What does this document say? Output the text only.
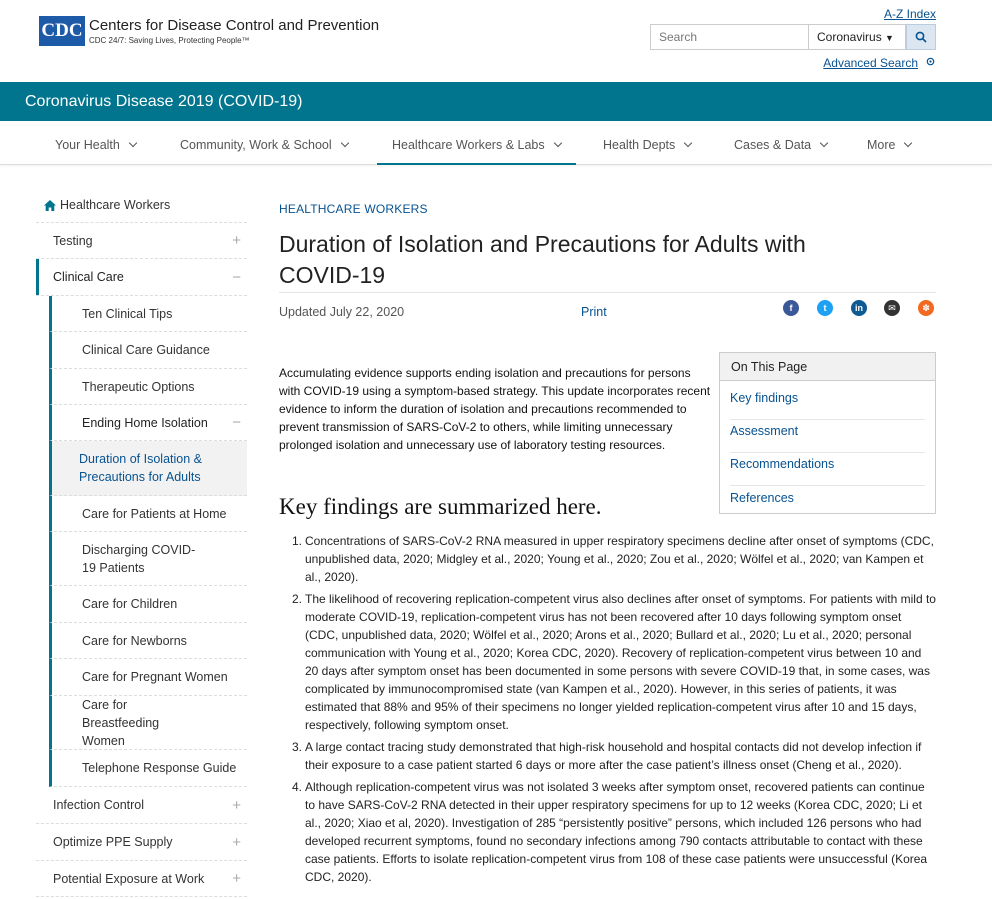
CDC Centers for Disease Control and Prevention
CDC 24/7: Saving Lives, Protecting People™
A-Z Index
Search	Coronavirus ▼
Advanced Search
Coronavirus Disease 2019 (COVID-19)
Your Health	Community, Work & School	Healthcare Workers & Labs	Health Depts	Cases & Data	More
Healthcare Workers
Testing	+
Clinical Care	−
Ten Clinical Tips
Clinical Care Guidance
Therapeutic Options
Ending Home Isolation −
Duration of Isolation & Precautions for Adults
Care for Patients at Home
Discharging COVID-19 Patients
Care for Children
Care for Newborns
Care for Pregnant Women
Care for Breastfeeding Women
Telephone Response Guide
Infection Control	+
Optimize PPE Supply	+
Potential Exposure at Work +
HEALTHCARE WORKERS
Duration of Isolation and Precautions for Adults with COVID-19
Updated July 22, 2020	Print	f	t	in	✉	✽

Accumulating evidence supports ending isolation and precautions for persons with COVID-19 using a symptom-based strategy. This update incorporates recent evidence to inform the duration of isolation and precautions recommended to prevent transmission of SARS-CoV-2 to others, while limiting unnecessary prolonged isolation and unnecessary use of laboratory testing resources.

On This Page
Key findings
Assessment
Recommendations
References
Key findings are summarized here.
1. Concentrations of SARS-CoV-2 RNA measured in upper respiratory specimens decline after onset of symptoms (CDC, unpublished data, 2020; Midgley et al., 2020; Young et al., 2020; Zou et al., 2020; Wölfel et al., 2020; van Kampen et al., 2020).
2. The likelihood of recovering replication-competent virus also declines after onset of symptoms. For patients with mild to moderate COVID-19, replication-competent virus has not been recovered after 10 days following symptom onset (CDC, unpublished data, 2020; Wölfel et al., 2020; Arons et al., 2020; Bullard et al., 2020; Lu et al., 2020; personal communication with Young et al., 2020; Korea CDC, 2020). Recovery of replication-competent virus between 10 and 20 days after symptom onset has been documented in some persons with severe COVID-19 that, in some cases, was complicated by immunocompromised state (van Kampen et al., 2020). However, in this series of patients, it was estimated that 88% and 95% of their specimens no longer yielded replication-competent virus after 10 and 15 days, respectively, following symptom onset.
3. A large contact tracing study demonstrated that high-risk household and hospital contacts did not develop infection if their exposure to a case patient started 6 days or more after the case patient’s illness onset (Cheng et al., 2020).
4. Although replication-competent virus was not isolated 3 weeks after symptom onset, recovered patients can continue to have SARS-CoV-2 RNA detected in their upper respiratory specimens for up to 12 weeks (Korea CDC, 2020; Li et al., 2020; Xiao et al, 2020). Investigation of 285 “persistently positive” persons, which included 126 persons who had developed recurrent symptoms, found no secondary infections among 790 contacts attributable to contact with these case patients. Efforts to isolate replication-competent virus from 108 of these case patients were unsuccessful (Korea CDC, 2020).
